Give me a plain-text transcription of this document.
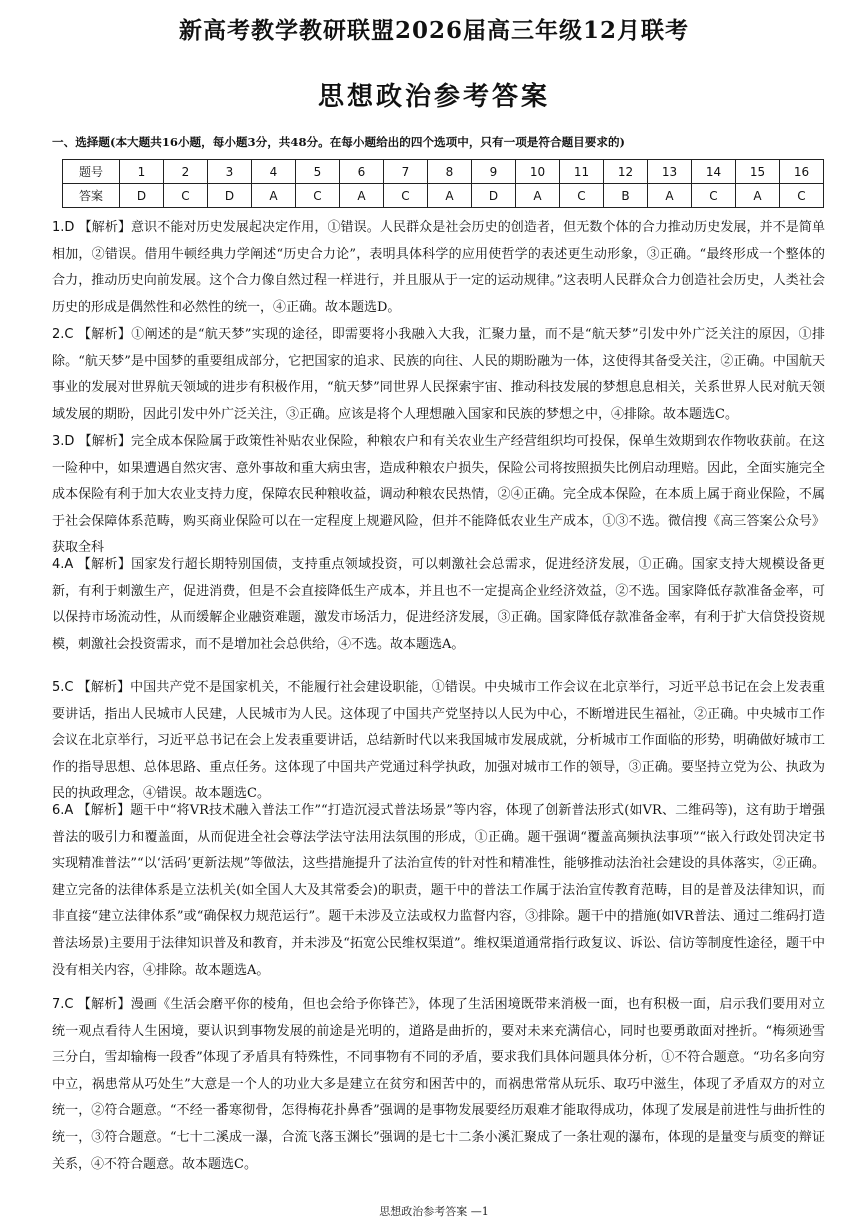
新高考教学教研联盟2026届高三年级12月联考
思想政治参考答案
一、选择题(本大题共16小题，每小题3分，共48分。在每小题给出的四个选项中，只有一项是符合题目要求的)
题号	1	2	3	4	5	6	7	8	9	10	11	12	13	14	15	16
答案	D	C	D	A	C	A	C	A	D	A	C	B	A	C	A	C
1.D 【解析】意识不能对历史发展起决定作用，①错误。人民群众是社会历史的创造者，但无数个体的合力推动历史发展，并不是简单相加，②错误。借用牛顿经典力学阐述“历史合力论”，表明具体科学的应用使哲学的表述更生动形象，③正确。“最终形成一个整体的合力，推动历史向前发展。这个合力像自然过程一样进行，并且服从于一定的运动规律。”这表明人民群众合力创造社会历史，人类社会历史的形成是偶然性和必然性的统一，④正确。故本题选D。
2.C 【解析】①阐述的是“航天梦”实现的途径，即需要将小我融入大我，汇聚力量，而不是“航天梦”引发中外广泛关注的原因，①排除。“航天梦”是中国梦的重要组成部分，它把国家的追求、民族的向往、人民的期盼融为一体，这使得其备受关注，②正确。中国航天事业的发展对世界航天领域的进步有积极作用，“航天梦”同世界人民探索宇宙、推动科技发展的梦想息息相关，关系世界人民对航天领域发展的期盼，因此引发中外广泛关注，③正确。应该是将个人理想融入国家和民族的梦想之中，④排除。故本题选C。
3.D 【解析】完全成本保险属于政策性补贴农业保险，种粮农户和有关农业生产经营组织均可投保，保单生效期到农作物收获前。在这一险种中，如果遭遇自然灾害、意外事故和重大病虫害，造成种粮农户损失，保险公司将按照损失比例启动理赔。因此，全面实施完全成本保险有利于加大农业支持力度，保障农民种粮收益，调动种粮农民热情，②④正确。完全成本保险，在本质上属于商业保险，不属于社会保障体系范畴，购买商业保险可以在一定程度上规避风险，但并不能降低农业生产成本，①③不选。微信搜《高三答案公众号》获取全科
4.A 【解析】国家发行超长期特别国债，支持重点领域投资，可以刺激社会总需求，促进经济发展，①正确。国家支持大规模设备更新，有利于刺激生产，促进消费，但是不会直接降低生产成本，并且也不一定提高企业经济效益，②不选。国家降低存款准备金率，可以保持市场流动性，从而缓解企业融资难题，激发市场活力，促进经济发展，③正确。国家降低存款准备金率，有利于扩大信贷投资规模，刺激社会投资需求，而不是增加社会总供给，④不选。故本题选A。
5.C 【解析】中国共产党不是国家机关，不能履行社会建设职能，①错误。中央城市工作会议在北京举行，习近平总书记在会上发表重要讲话，指出人民城市人民建，人民城市为人民。这体现了中国共产党坚持以人民为中心，不断增进民生福祉，②正确。中央城市工作会议在北京举行，习近平总书记在会上发表重要讲话，总结新时代以来我国城市发展成就，分析城市工作面临的形势，明确做好城市工作的指导思想、总体思路、重点任务。这体现了中国共产党通过科学执政，加强对城市工作的领导，③正确。要坚持立党为公、执政为民的执政理念，④错误。故本题选C。
6.A 【解析】题干中“将VR技术融入普法工作”“打造沉浸式普法场景”等内容，体现了创新普法形式(如VR、二维码等)，这有助于增强普法的吸引力和覆盖面，从而促进全社会尊法学法守法用法氛围的形成，①正确。题干强调“覆盖高频执法事项”“嵌入行政处罚决定书实现精准普法”“以‘活码’更新法规”等做法，这些措施提升了法治宣传的针对性和精准性，能够推动法治社会建设的具体落实，②正确。建立完备的法律体系是立法机关(如全国人大及其常委会)的职责，题干中的普法工作属于法治宣传教育范畴，目的是普及法律知识，而非直接“建立法律体系”或“确保权力规范运行”。题干未涉及立法或权力监督内容，③排除。题干中的措施(如VR普法、通过二维码打造普法场景)主要用于法律知识普及和教育，并未涉及“拓宽公民维权渠道”。维权渠道通常指行政复议、诉讼、信访等制度性途径，题干中没有相关内容，④排除。故本题选A。
7.C 【解析】漫画《生活会磨平你的棱角，但也会给予你锋芒》，体现了生活困境既带来消极一面，也有积极一面，启示我们要用对立统一观点看待人生困境，要认识到事物发展的前途是光明的，道路是曲折的，要对未来充满信心，同时也要勇敢面对挫折。“梅须逊雪三分白，雪却输梅一段香”体现了矛盾具有特殊性，不同事物有不同的矛盾，要求我们具体问题具体分析，①不符合题意。“功名多向穷中立，祸患常从巧处生”大意是一个人的功业大多是建立在贫穷和困苦中的，而祸患常常从玩乐、取巧中滋生，体现了矛盾双方的对立统一，②符合题意。“不经一番寒彻骨，怎得梅花扑鼻香”强调的是事物发展要经历艰难才能取得成功，体现了发展是前进性与曲折性的统一，③符合题意。“七十二溪成一瀑，合流飞落玉渊长”强调的是七十二条小溪汇聚成了一条壮观的瀑布，体现的是量变与质变的辩证关系，④不符合题意。故本题选C。
思想政治参考答案 —1
